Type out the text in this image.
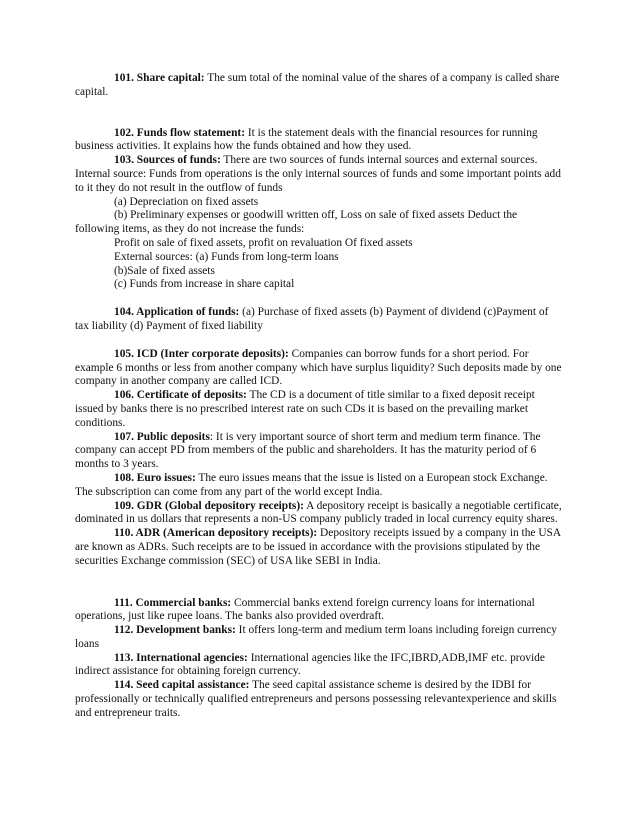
101. Share capital: The sum total of the nominal value of the shares of a company is called share capital.

102. Funds flow statement: It is the statement deals with the financial resources for running business activities. It explains how the funds obtained and how they used.

103. Sources of funds: There are two sources of funds internal sources and external sources. Internal source: Funds from operations is the only internal sources of funds and some important points add to it they do not result in the outflow of funds

(a) Depreciation on fixed assets

(b) Preliminary expenses or goodwill written off, Loss on sale of fixed assets Deduct the

following items, as they do not increase the funds:

Profit on sale of fixed assets, profit on revaluation Of fixed assets

External sources: (a) Funds from long-term loans

(b)Sale of fixed assets

(c) Funds from increase in share capital

104. Application of funds: (a) Purchase of fixed assets (b) Payment of dividend (c)Payment of tax liability (d) Payment of fixed liability

105. ICD (Inter corporate deposits): Companies can borrow funds for a short period. For example 6 months or less from another company which have surplus liquidity? Such deposits made by one company in another company are called ICD.

106. Certificate of deposits: The CD is a document of title similar to a fixed deposit receipt issued by banks there is no prescribed interest rate on such CDs it is based on the prevailing market conditions.

107. Public deposits: It is very important source of short term and medium term finance. The company can accept PD from members of the public and shareholders. It has the maturity period of 6 months to 3 years.

108. Euro issues: The euro issues means that the issue is listed on a European stock Exchange. The subscription can come from any part of the world except India.

109. GDR (Global depository receipts): A depository receipt is basically a negotiable certificate, dominated in us dollars that represents a non-US company publicly traded in local currency equity shares.

110. ADR (American depository receipts): Depository receipts issued by a company in the USA are known as ADRs. Such receipts are to be issued in accordance with the provisions stipulated by the securities Exchange commission (SEC) of USA like SEBI in India.

111. Commercial banks: Commercial banks extend foreign currency loans for international operations, just like rupee loans. The banks also provided overdraft.

112. Development banks: It offers long-term and medium term loans including foreign currency loans

113. International agencies: International agencies like the IFC,IBRD,ADB,IMF etc. provide indirect assistance for obtaining foreign currency.

114. Seed capital assistance: The seed capital assistance scheme is desired by the IDBI for professionally or technically qualified entrepreneurs and persons possessing relevantexperience and skills and entrepreneur traits.
